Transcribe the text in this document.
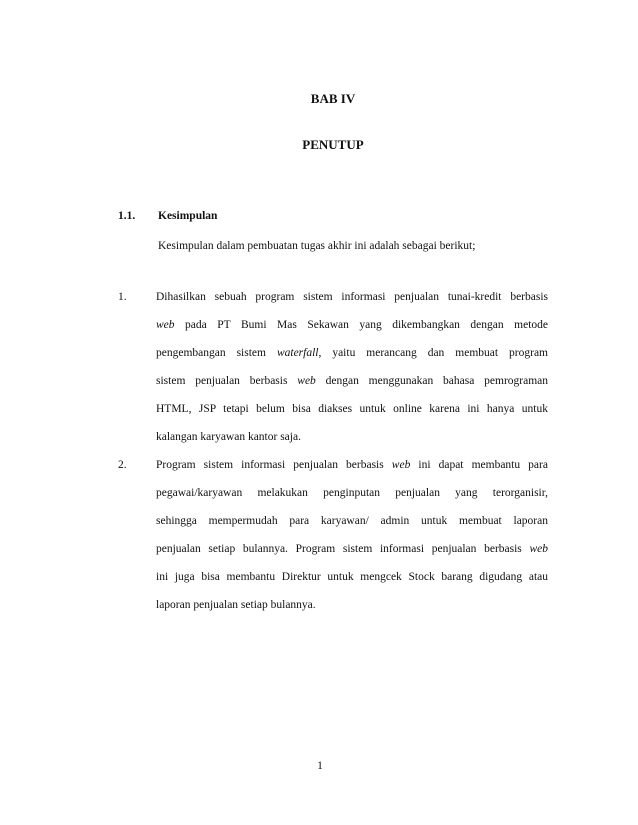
BAB IV
PENUTUP
1.1. Kesimpulan
Kesimpulan dalam pembuatan tugas akhir ini adalah sebagai berikut;
1.	Dihasilkan sebuah program sistem informasi penjualan tunai-kredit berbasis
web pada PT Bumi Mas Sekawan yang dikembangkan dengan metode
pengembangan sistem waterfall, yaitu merancang dan membuat program
sistem penjualan berbasis web dengan menggunakan bahasa pemrograman
HTML, JSP tetapi belum bisa diakses untuk online karena ini hanya untuk
kalangan karyawan kantor saja.
2.	Program sistem informasi penjualan berbasis web ini dapat membantu para
pegawai/karyawan melakukan penginputan penjualan yang terorganisir,
sehingga mempermudah para karyawan/ admin untuk membuat laporan
penjualan setiap bulannya. Program sistem informasi penjualan berbasis web
ini juga bisa membantu Direktur untuk mengcek Stock barang digudang atau
laporan penjualan setiap bulannya.
1
